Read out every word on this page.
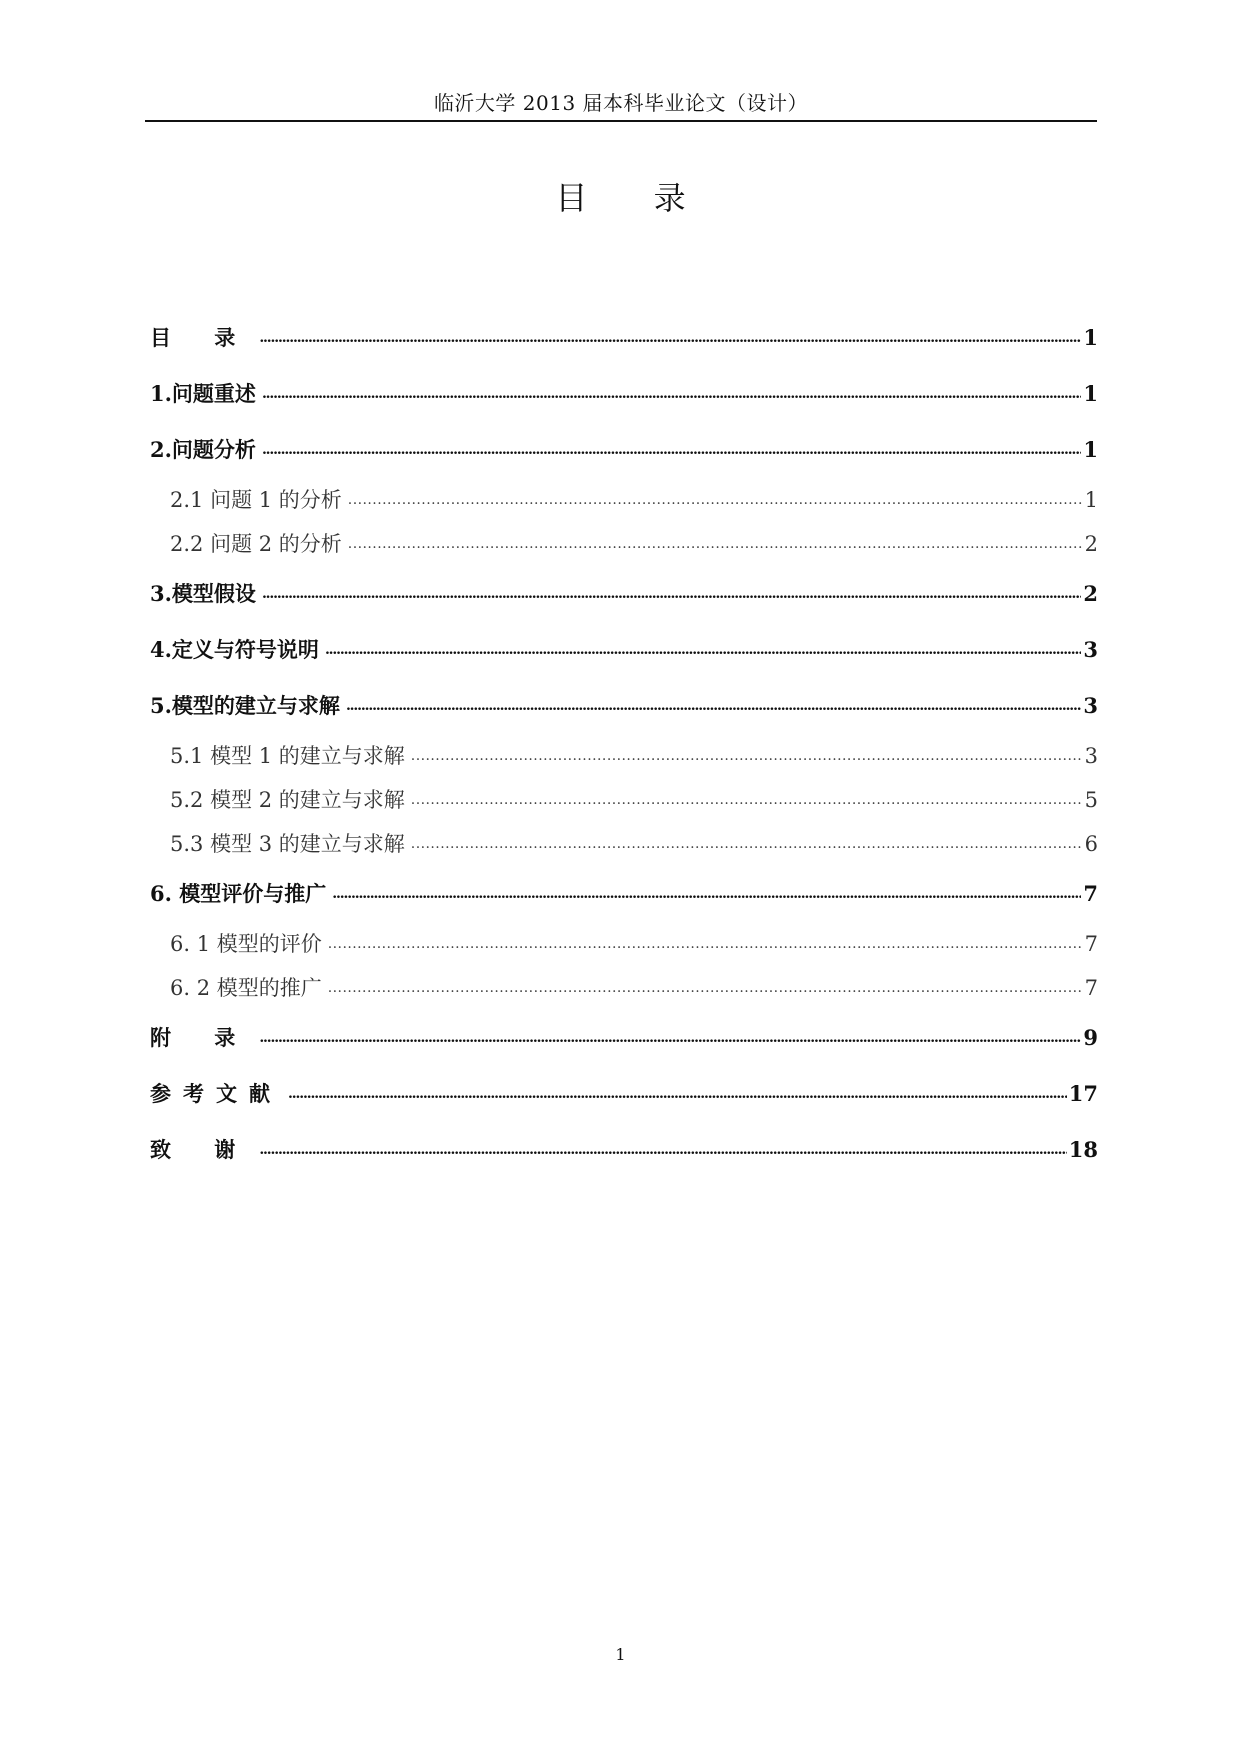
临沂大学 2013 届本科毕业论文（设计）
目 录
目 录 . . .	1
1.问题重述 . . .	1
2.问题分析 . . .	1
2.1 问题 1 的分析 . . .	1
2.2 问题 2 的分析 . . .	2
3.模型假设 . . .	2
4.定义与符号说明 . . .	3
5.模型的建立与求解 . . .	3
5.1 模型 1 的建立与求解 . . .	3
5.2 模型 2 的建立与求解 . . .	5
5.3 模型 3 的建立与求解 . . .	6
6. 模型评价与推广 . . .	7
6. 1 模型的评价 . . .	7
6. 2 模型的推广 . . .	7
附 录 . . .	9
参考文献 . . .	17
致 谢 . . .	18
1
